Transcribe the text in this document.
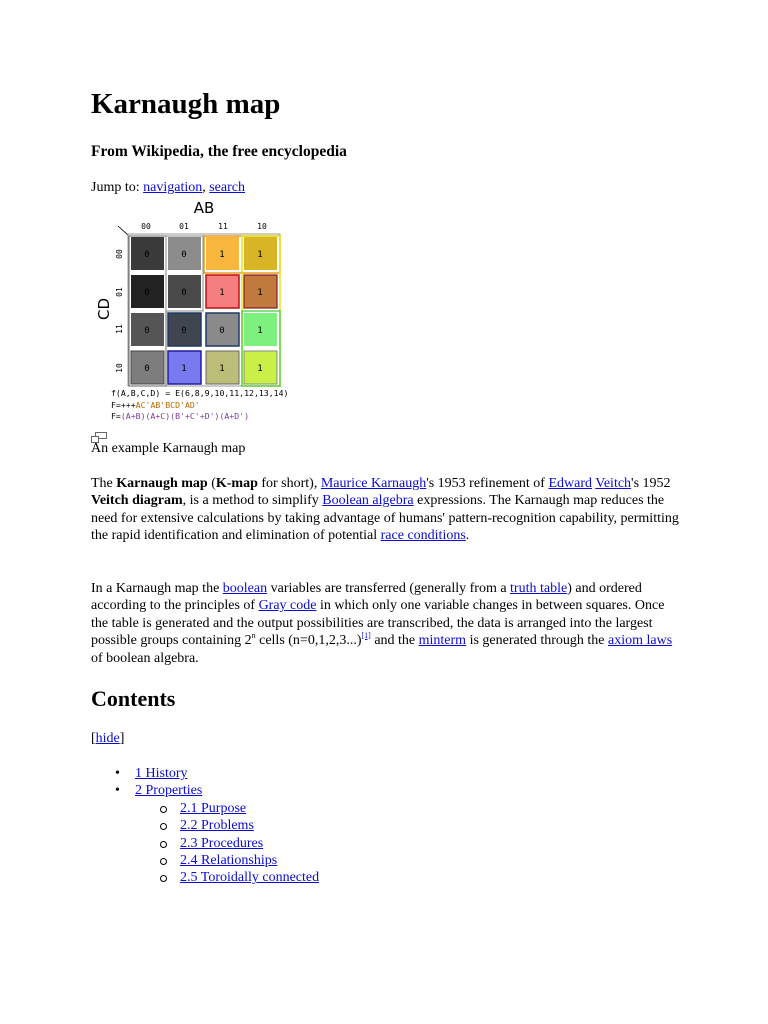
Karnaugh map
From Wikipedia, the free encyclopedia
Jump to: navigation, search
AB
00	01	11	10
00
01
11
10
CD
0	0	1	1
0	0	1	1
0	0	0	1
0	1	1	1
f(A,B,C,D) = E(6,8,9,10,11,12,13,14)
F=+++AC'AB'BCD'AD'
F=(A+B)(A+C)(B'+C'+D')(A+D')
An example Karnaugh map

The Karnaugh map (K-map for short), Maurice Karnaugh's 1953 refinement of Edward Veitch's 1952 Veitch diagram, is a method to simplify Boolean algebra expressions. The Karnaugh map reduces the need for extensive calculations by taking advantage of humans' pattern-recognition capability, permitting the rapid identification and elimination of potential race conditions.

In a Karnaugh map the boolean variables are transferred (generally from a truth table) and ordered according to the principles of Gray code in which only one variable changes in between squares. Once the table is generated and the output possibilities are transcribed, the data is arranged into the largest possible groups containing 2$^n$ cells (n=0,1,2,3...)[1] and the minterm is generated through the axiom laws of boolean algebra.

Contents
[hide]
• 1 History
• 2 Properties
2.1 Purpose
2.2 Problems
2.3 Procedures
2.4 Relationships
2.5 Toroidally connected
